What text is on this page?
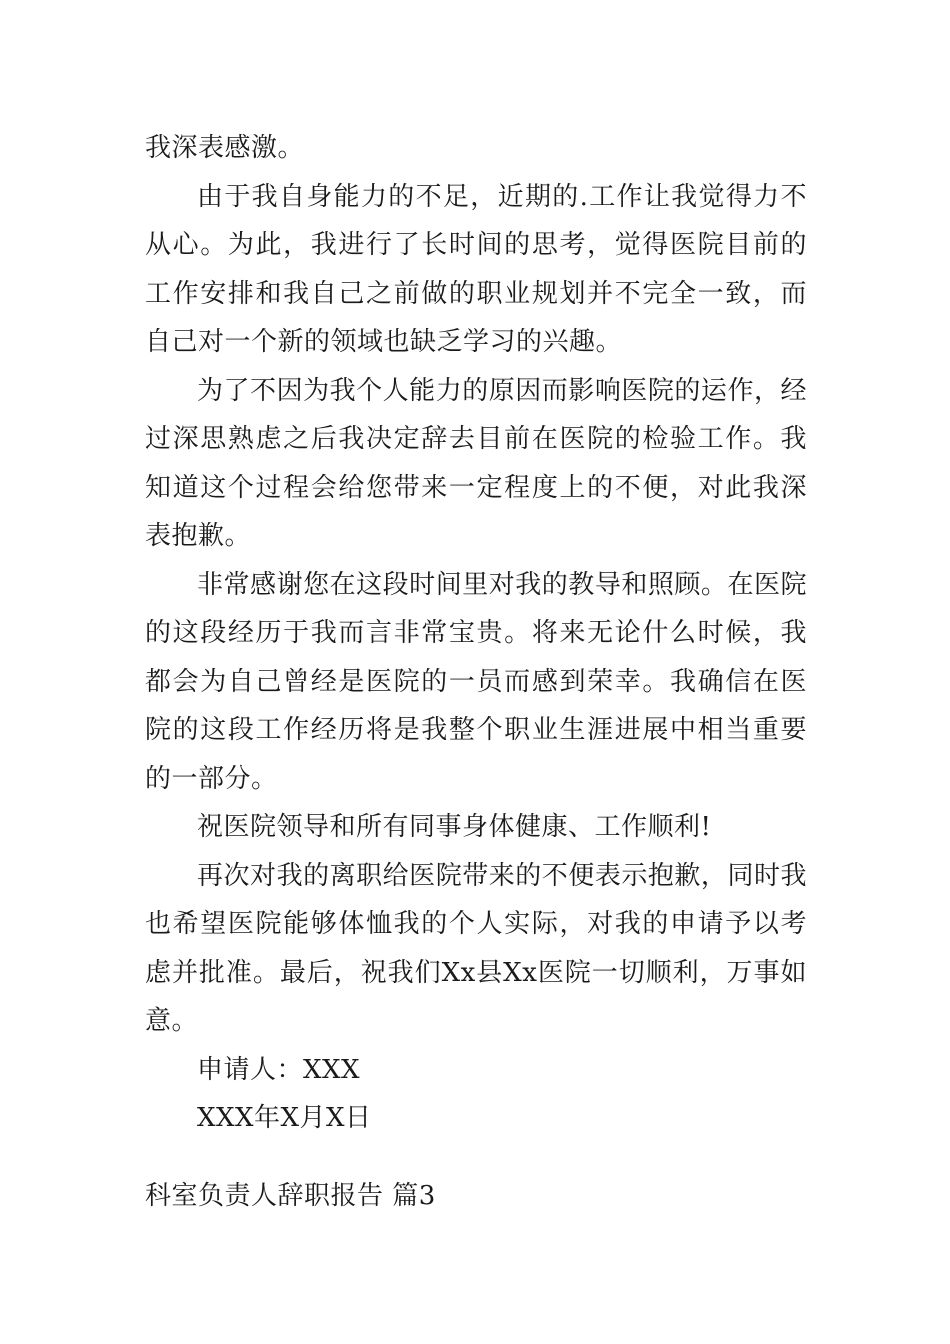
我深表感激。

由于我自身能力的不足，近期的.工作让我觉得力不从心。为此，我进行了长时间的思考，觉得医院目前的工作安排和我自己之前做的职业规划并不完全一致，而自己对一个新的领域也缺乏学习的兴趣。

为了不因为我个人能力的原因而影响医院的运作，经过深思熟虑之后我决定辞去目前在医院的检验工作。我知道这个过程会给您带来一定程度上的不便，对此我深表抱歉。

非常感谢您在这段时间里对我的教导和照顾。在医院的这段经历于我而言非常宝贵。将来无论什么时候，我都会为自己曾经是医院的一员而感到荣幸。我确信在医院的这段工作经历将是我整个职业生涯进展中相当重要的一部分。

祝医院领导和所有同事身体健康、工作顺利!

再次对我的离职给医院带来的不便表示抱歉，同时我也希望医院能够体恤我的个人实际，对我的申请予以考虑并批准。最后，祝我们Xx县Xx医院一切顺利，万事如意。

申请人：XXX

XXX年X月X日

科室负责人辞职报告 篇3
